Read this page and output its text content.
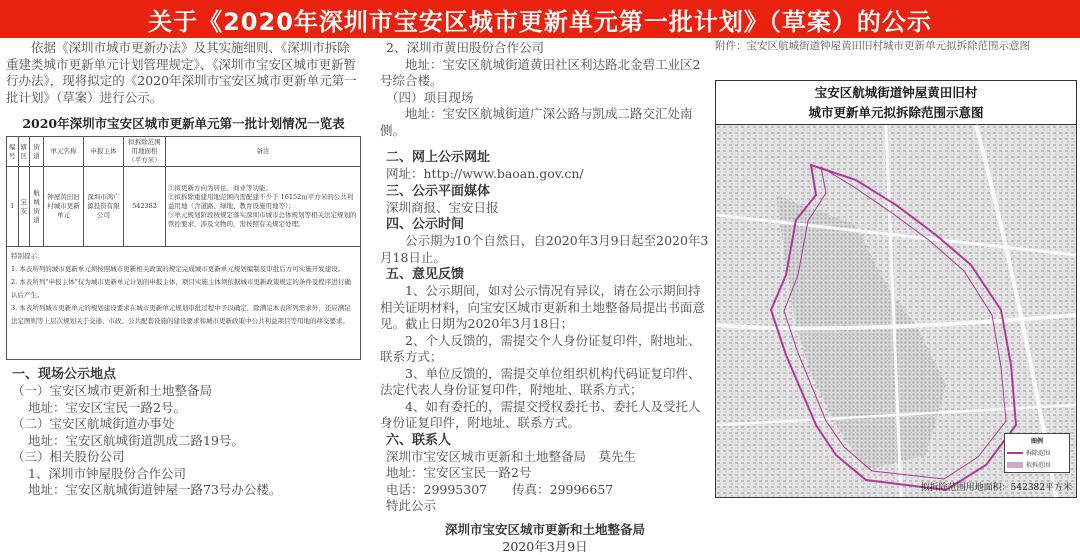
关于《2020年深圳市宝安区城市更新单元第一批计划》（草案）的公示

依据《深圳市城市更新办法》及其实施细则、《深圳市拆除重建类城市更新单元计划管理规定》、《深圳市宝安区城市更新暂行办法》，现将拟定的《2020年深圳市宝安区城市更新单元第一批计划》（草案）进行公示。

2020年深圳市宝安区城市更新单元第一批计划情况一览表
编号	辖区	街道	单元名称	申报主体	拟拆除范围用地面积（平方米）	备注
1	宝安	航城街道	钟屋黄田旧村城市更新单元	深圳市鸿广源投资有限公司	542382	①拟更新方向为居住、商业等功能；
②拟拆除重建用地范围内需配建不少于 16152㎡平方米的公共利益用地（含道路、绿地、教育设施用地等）；
③单元规划阶段按规定落实深圳市城市总体规划等相关法定规划的管控要求，涉及文物的，需按照有关规定处理。
特别提示：
1. 本表所列的城市更新单元须按照城市更新相关政策的规定完成城市更新单元规划编制及审批后方可实施开发建设。
2. 本表所列“申报主体”仅为城市更新单元计划的申报主体，项目实施主体须依据城市更新政策规定的条件及程序进行确认后产生。
3. 本表所列城市更新单元的规划建设要求在城市更新单元规划审批过程中予以确定，除满足本表所列需求外，还应满足法定图则等上层次规划关于交通、市政、公共配套设施的建设要求和城市更新政策中公共利益项目等用地的移交要求。
一、现场公示地点
（一）宝安区城市更新和土地整备局
地址：宝安区宝民一路2号。
（二）宝安区航城街道办事处
地址：宝安区航城街道凯成二路19号。
（三）相关股份公司
1、深圳市钟屋股份合作公司
地址：宝安区航城街道钟屋一路73号办公楼。
2、深圳市黄田股份合作公司
地址：宝安区航城街道黄田社区利达路北金碧工业区2号综合楼。
（四）项目现场
地址：宝安区航城街道广深公路与凯成二路交汇处南侧。
二、网上公示网址
网址：http://www.baoan.gov.cn/
三、公示平面媒体
深圳商报、宝安日报
四、公示时间
公示期为10个自然日，自2020年3月9日起至2020年3月18日止。
五、意见反馈
1、公示期间，如对公示情况有异议，请在公示期间持相关证明材料，向宝安区城市更新和土地整备局提出书面意见。截止日期为2020年3月18日；
2、个人反馈的，需提交个人身份证复印件，附地址、联系方式；
3、单位反馈的，需提交单位组织机构代码证复印件、法定代表人身份证复印件，附地址、联系方式；
4、如有委托的，需提交授权委托书、委托人及受托人身份证复印件，附地址、联系方式。
六、联系人
深圳市宝安区城市更新和土地整备局　莫先生
地址：宝安区宝民一路2号
电话：29995307　　传真：29996657
特此公示
深圳市宝安区城市更新和土地整备局
2020年3月9日
附件：宝安区航城街道钟屋黄田旧村城市更新单元拟拆除范围示意图
宝安区航城街道钟屋黄田旧村
城市更新单元拟拆除范围示意图
图例
拆除范围
拟拆范围
拟拆除范围用地面积：542382平方米
